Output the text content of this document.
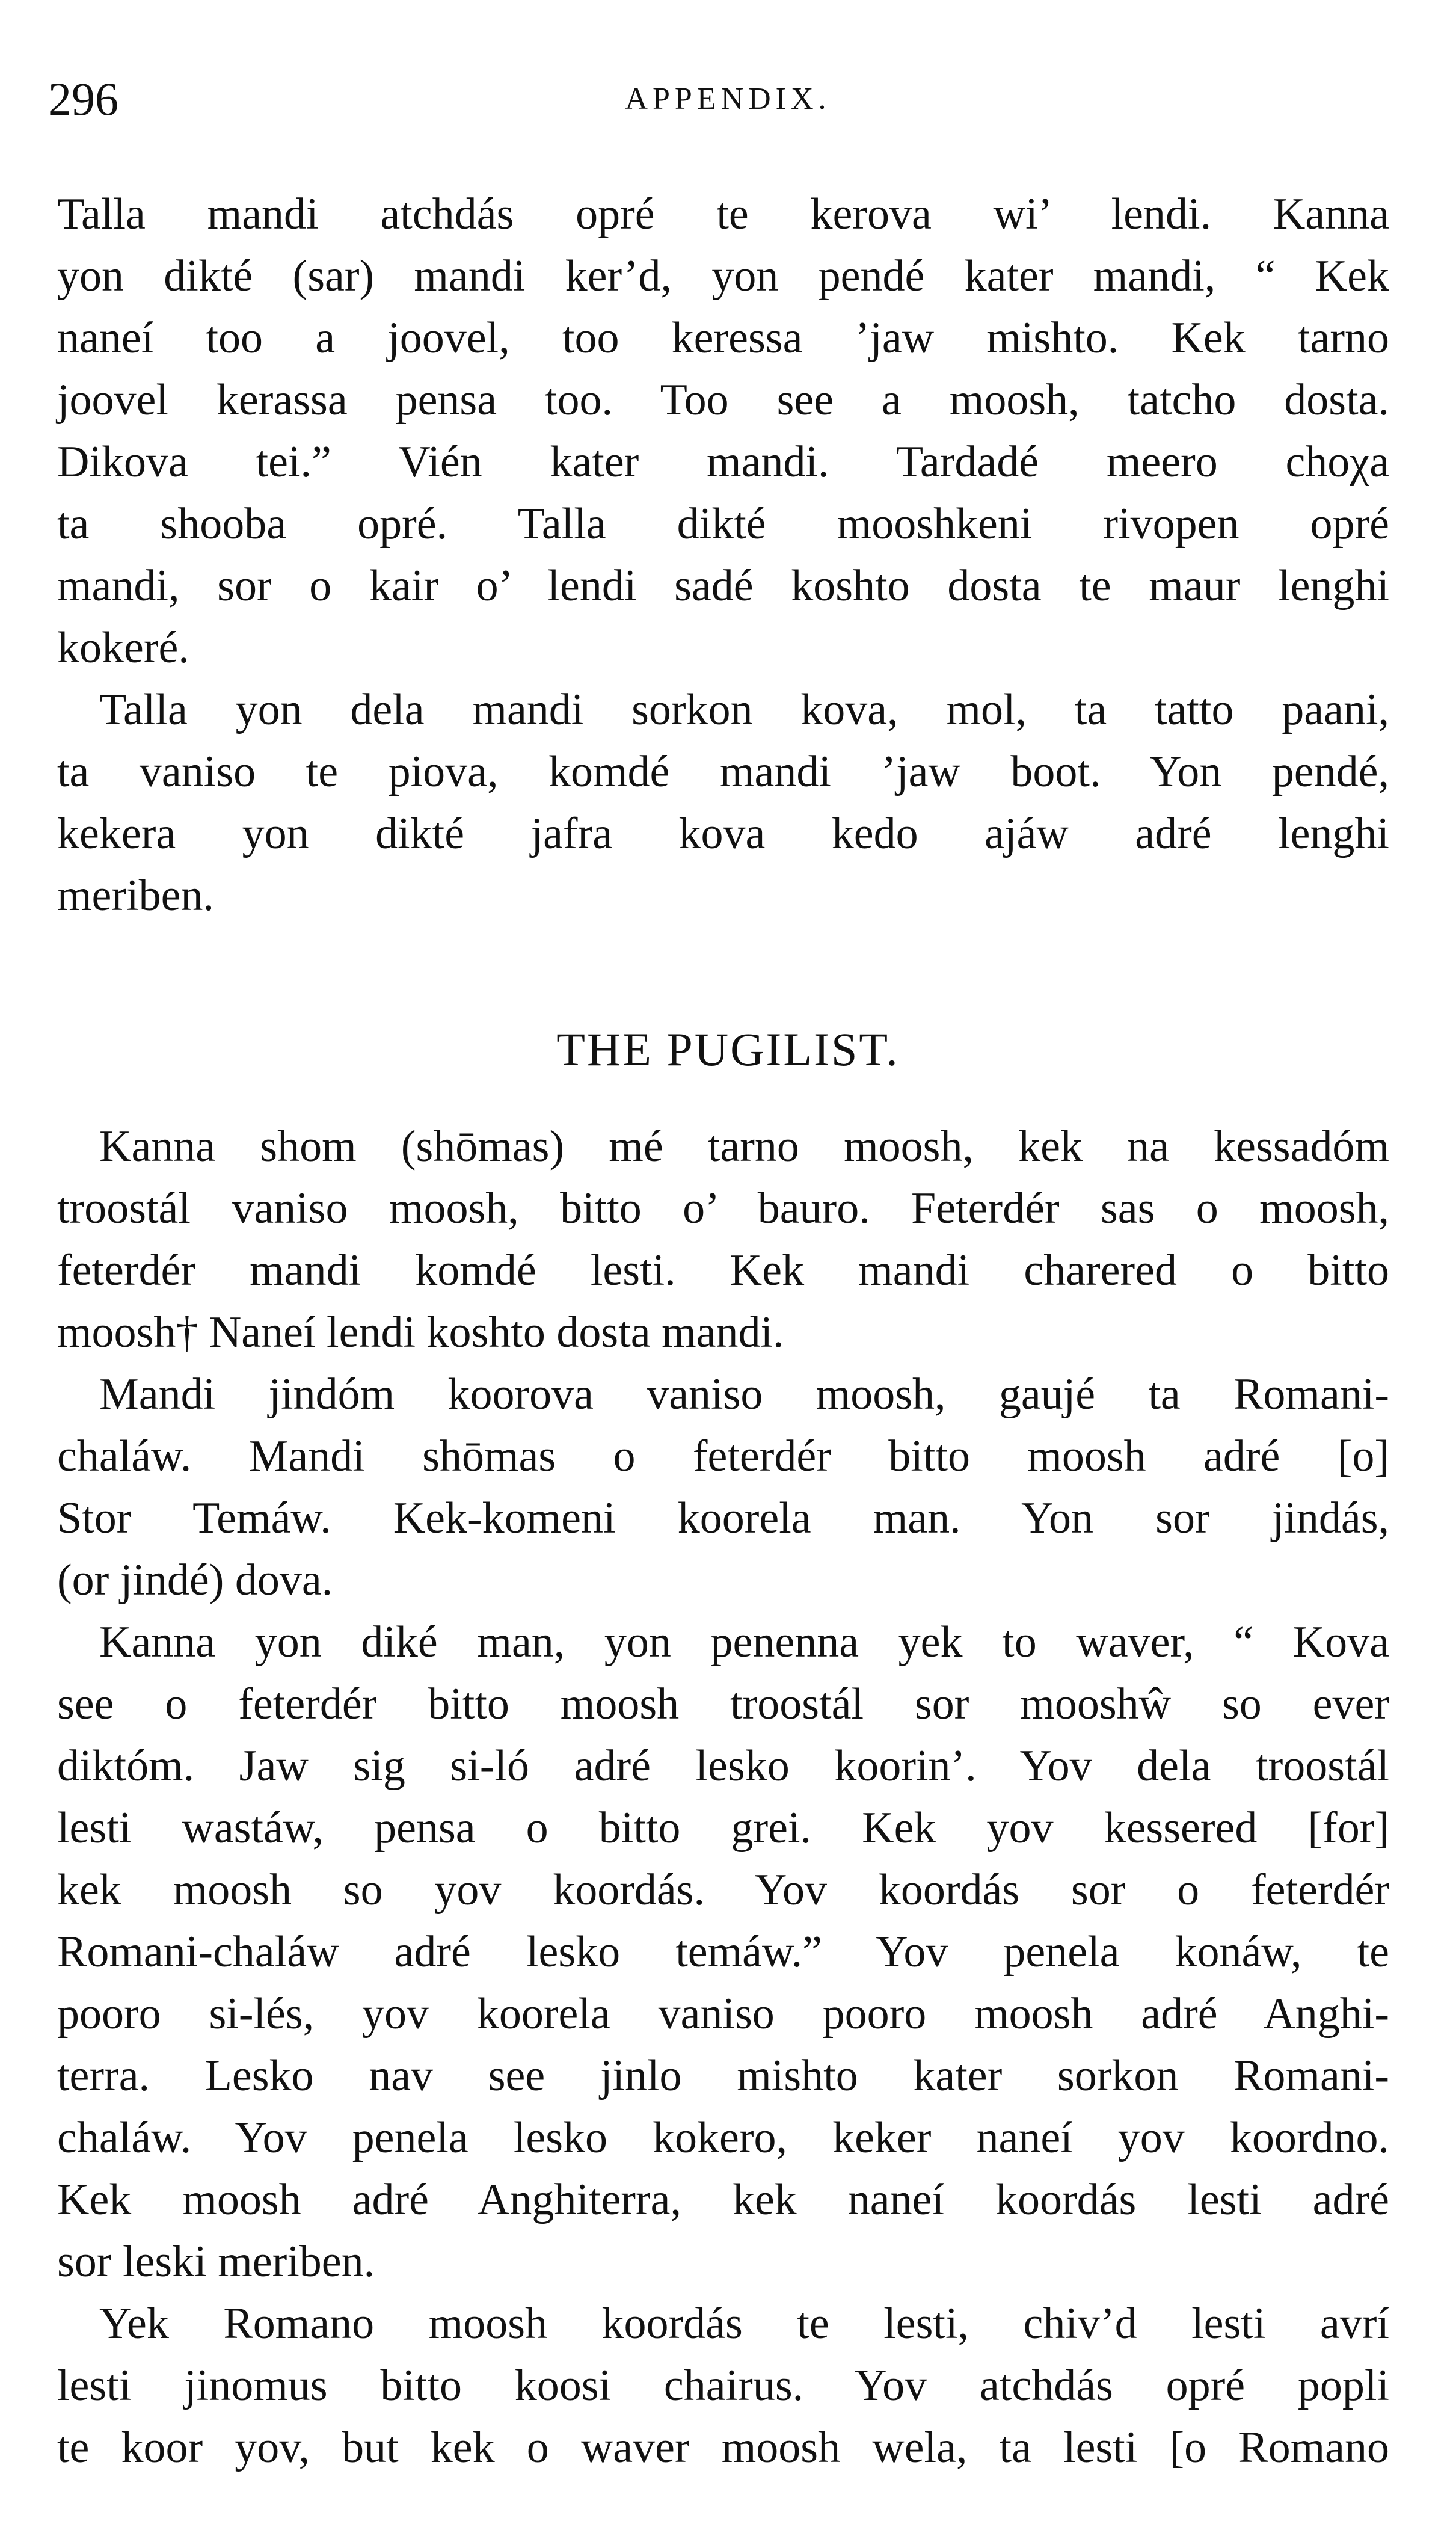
296	APPENDIX.
Talla mandi atchdás opré te kerova wi’ lendi. Kanna
yon dikté (sar) mandi ker’d, yon pendé kater mandi, “ Kek
naneí too a joovel, too keressa ’jaw mishto. Kek tarno
joovel kerassa pensa too. Too see a moosh, tatcho dosta.
Dikova tei.” Vién kater mandi. Tardadé meero choχa
ta shooba opré. Talla dikté mooshkeni rivopen opré
mandi, sor o kair o’ lendi sadé koshto dosta te maur lenghi
kokeré.
Talla yon dela mandi sorkon kova, mol, ta tatto paani,
ta vaniso te piova, komdé mandi ’jaw boot. Yon pendé,
kekera yon dikté jafra kova kedo ajáw adré lenghi
meriben.
THE PUGILIST.
Kanna shom (shōmas) mé tarno moosh, kek na kessadóm
troostál vaniso moosh, bitto o’ bauro. Feterdér sas o moosh,
feterdér mandi komdé lesti. Kek mandi charered o bitto
moosh† Naneí lendi koshto dosta mandi.
Mandi jindóm koorova vaniso moosh, gaujé ta Romani-
chaláw. Mandi shōmas o feterdér bitto moosh adré [o]
Stor Temáw. Kek-komeni koorela man. Yon sor jindás,
(or jindé) dova.
Kanna yon diké man, yon penenna yek to waver, “ Kova
see o feterdér bitto moosh troostál sor mooshŵ so ever
diktóm. Jaw sig si-ló adré lesko koorin’. Yov dela troostál
lesti wastáw, pensa o bitto grei. Kek yov kessered [for]
kek moosh so yov koordás. Yov koordás sor o feterdér
Romani-chaláw adré lesko temáw.” Yov penela konáw, te
pooro si-lés, yov koorela vaniso pooro moosh adré Anghi-
terra. Lesko nav see jinlo mishto kater sorkon Romani-
chaláw. Yov penela lesko kokero, keker naneí yov koordno.
Kek moosh adré Anghiterra, kek naneí koordás lesti adré
sor leski meriben.
Yek Romano moosh koordás te lesti, chiv’d lesti avrí
lesti jinomus bitto koosi chairus. Yov atchdás opré popli
te koor yov, but kek o waver moosh wela, ta lesti [o Romano
